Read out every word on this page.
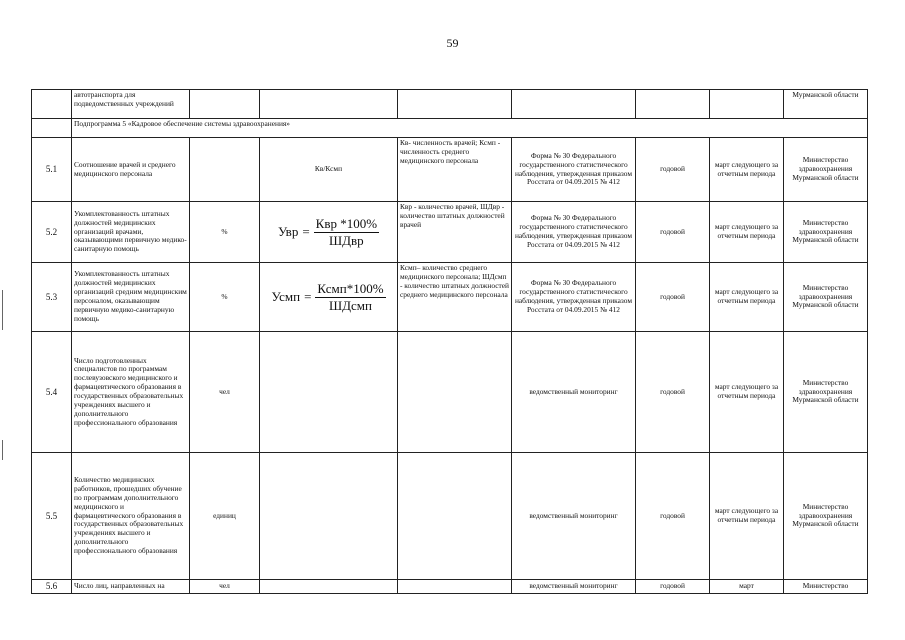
59
	автотранспорта для подведомственных учреждений							Мурманской области
	Подпрограмма 5 «Кадровое обеспечение системы здравоохранения»							
5.1	Соотношение врачей и среднего медицинского персонала		Кв/Ксмп	Кв- численность врачей; Ксмп - численность среднего медицинского персонала	Форма № 30 Федерального государственного статистического наблюдения, утвержденная приказом Росстата от 04.09.2015 № 412	годовой	март следующего за отчетным периода	Министерство здравоохранения Мурманской области
5.2	Укомплектованность штатных должностей медицинских организаций врачами, оказывающими первичную медико-санитарную помощь	%	Увр = $\frac{\text{Квр *100\%}}{\text{ШДвр}}$	Квр - количество врачей, ШДвр - количество штатных должностей врачей	Форма № 30 Федерального государственного статистического наблюдения, утвержденная приказом Росстата от 04.09.2015 № 412	годовой	март следующего за отчетным периода	Министерство здравоохранения Мурманской области
5.3	Укомплектованность штатных должностей медицинских организаций средним медицинским персоналом, оказывающим первичную медико-санитарную помощь	%	Усмп = $\frac{\text{Ксмп*100\%}}{\text{ШДсмп}}$	Ксмп– количество среднего медицинского персонала; ШДсмп - количество штатных должностей среднего медицинского персонала	Форма № 30 Федерального государственного статистического наблюдения, утвержденная приказом Росстата от 04.09.2015 № 412	годовой	март следующего за отчетным периода	Министерство здравоохранения Мурманской области
5.4	Число подготовленных специалистов по программам послевузовского медицинского и фармацевтического образования в государственных образовательных учреждениях высшего и дополнительного профессионального образования	чел			ведомственный мониторинг	годовой	март следующего за отчетным периода	Министерство здравоохранения Мурманской области
5.5	Количество медицинских работников, прошедших обучение по программам дополнительного медицинского и фармацевтического образования в государственных образовательных учреждениях высшего и дополнительного профессионального образования	единиц			ведомственный мониторинг	годовой	март следующего за отчетным периода	Министерство здравоохранения Мурманской области
5.6	Число лиц, направленных на	чел			ведомственный мониторинг	годовой	март	Министерство
